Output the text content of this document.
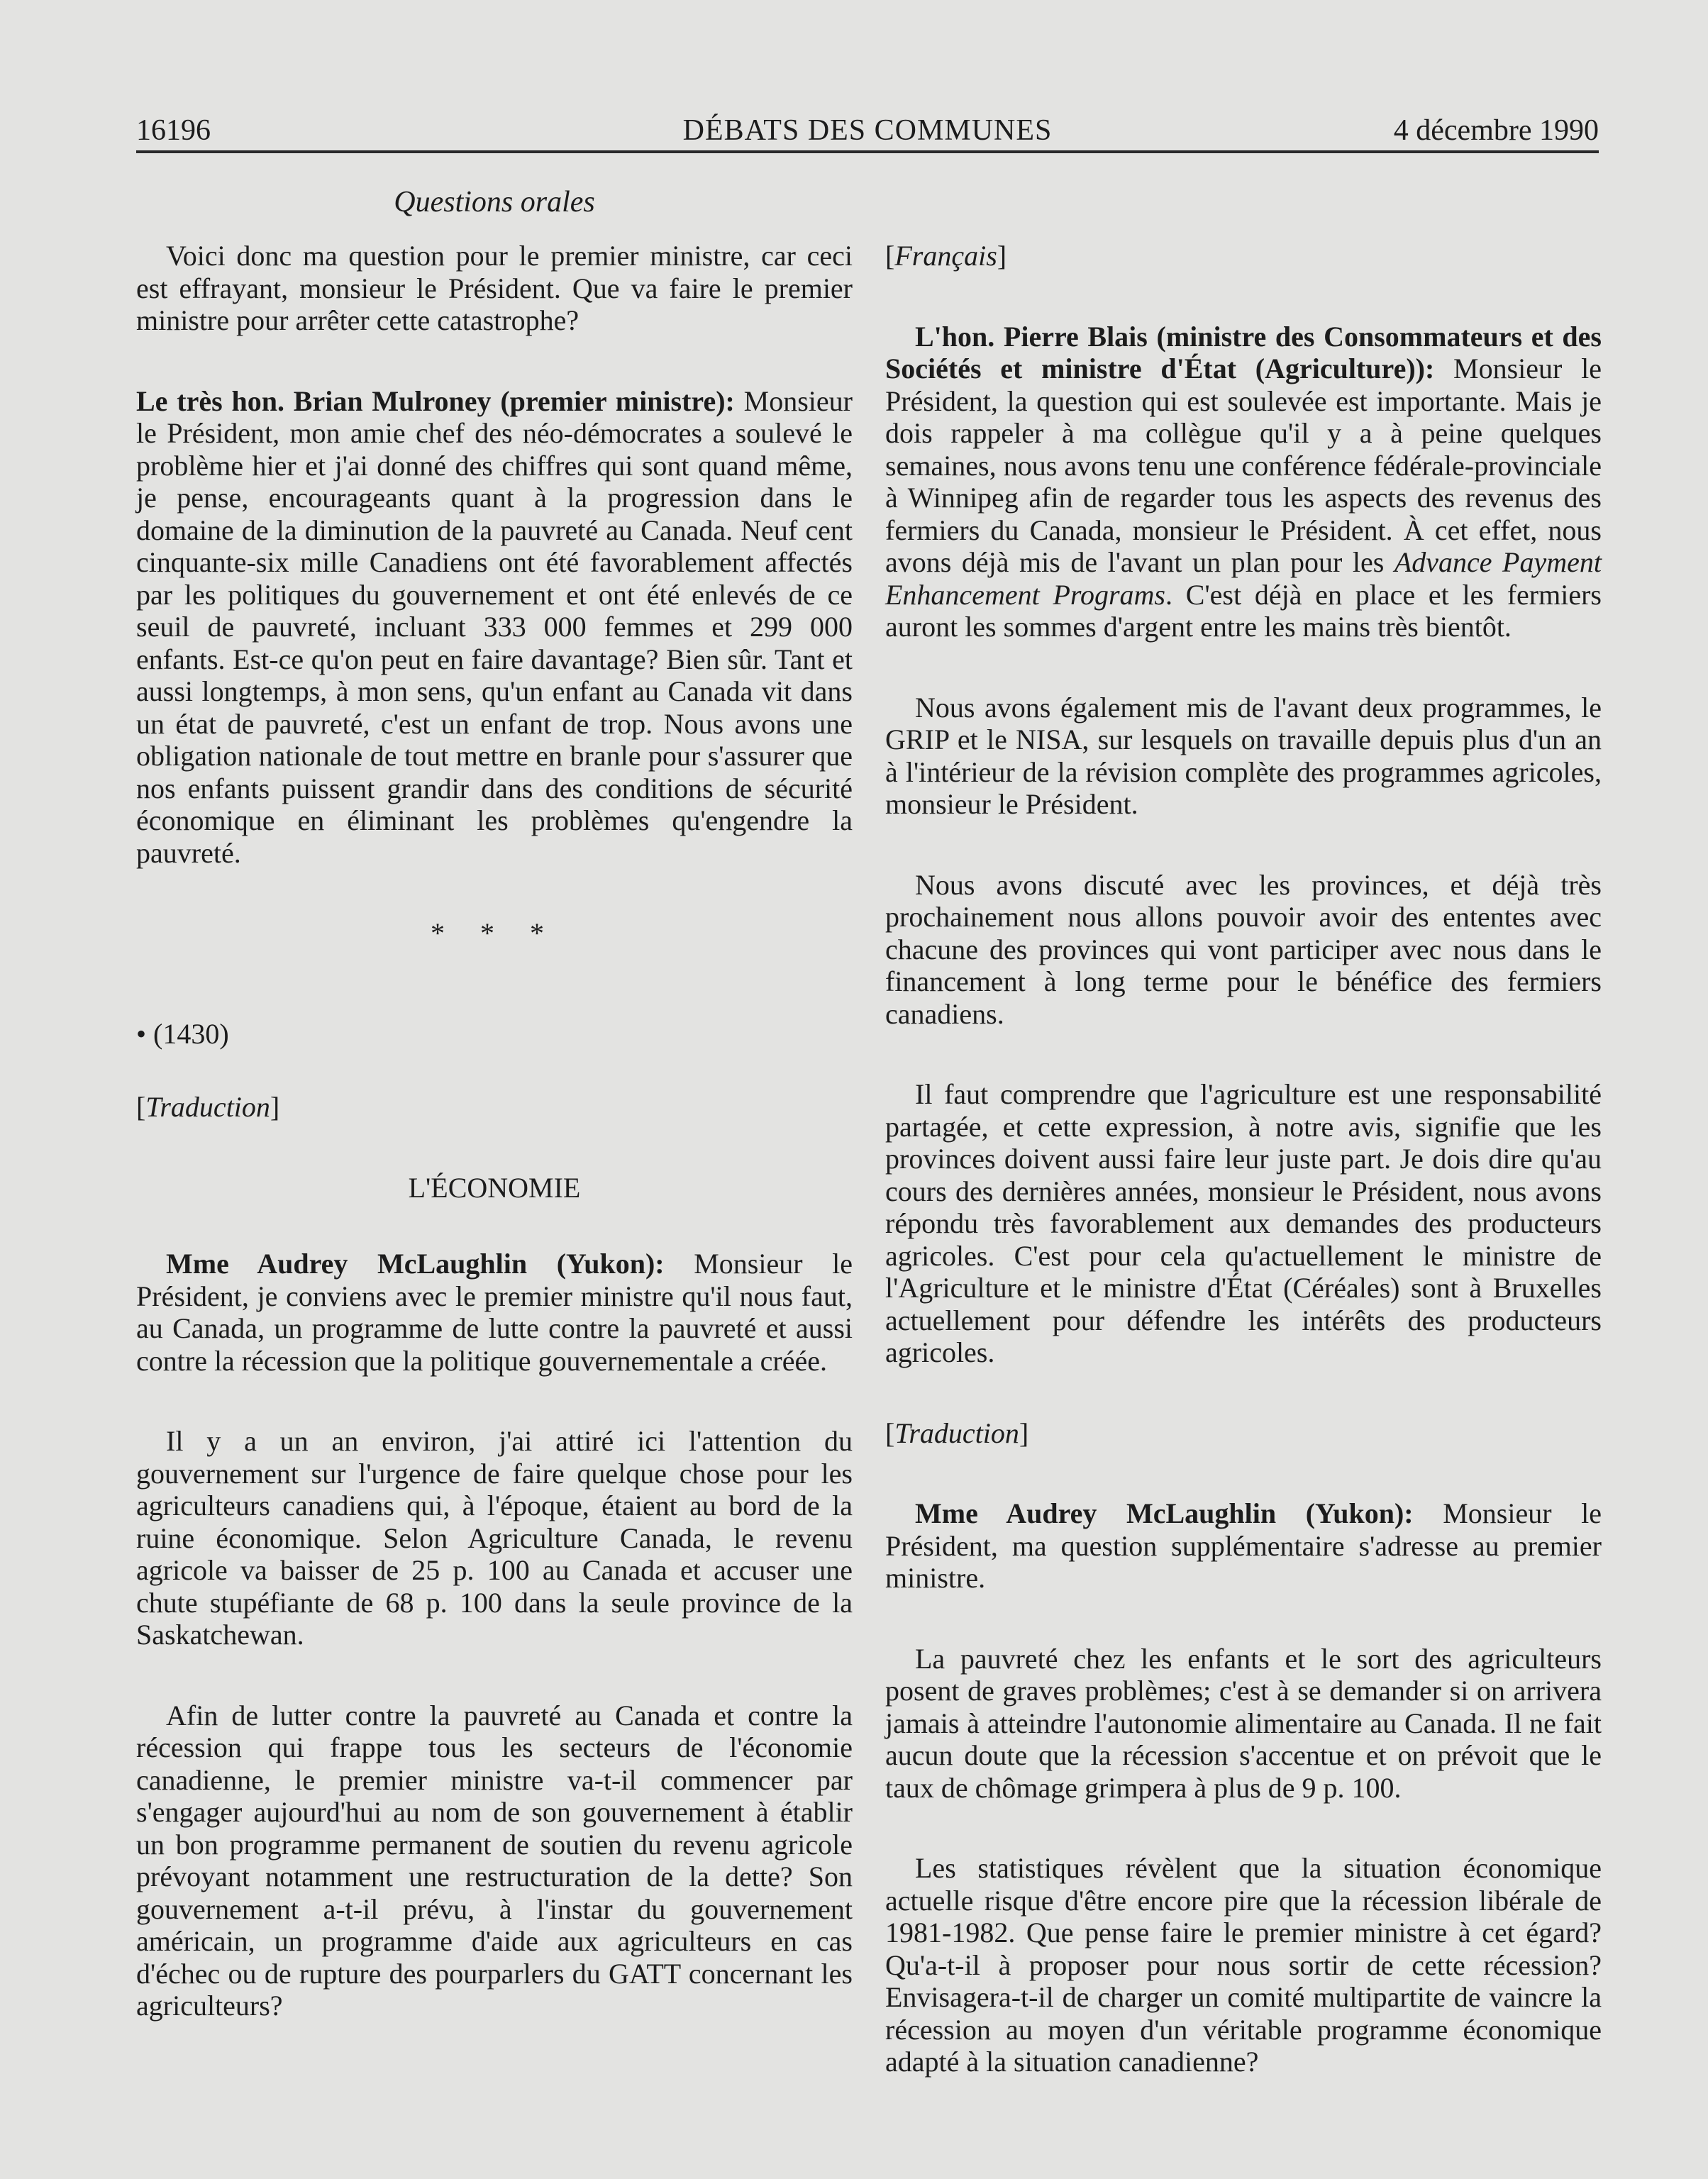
16196	DÉBATS DES COMMUNES	4 décembre 1990
Questions orales

Voici donc ma question pour le premier ministre, car ceci est effrayant, monsieur le Président. Que va faire le premier ministre pour arrêter cette catastrophe?

Le très hon. Brian Mulroney (premier ministre): Monsieur le Président, mon amie chef des néo-démocrates a soulevé le problème hier et j'ai donné des chiffres qui sont quand même, je pense, encourageants quant à la progression dans le domaine de la diminution de la pauvreté au Canada. Neuf cent cinquante-six mille Canadiens ont été favorablement affectés par les politiques du gouvernement et ont été enlevés de ce seuil de pauvreté, incluant 333 000 femmes et 299 000 enfants. Est-ce qu'on peut en faire davantage? Bien sûr. Tant et aussi longtemps, à mon sens, qu'un enfant au Canada vit dans un état de pauvreté, c'est un enfant de trop. Nous avons une obligation nationale de tout mettre en branle pour s'assurer que nos enfants puissent grandir dans des conditions de sécurité économique en éliminant les problèmes qu'engendre la pauvreté.

* * *
• (1430)
[Traduction]
L'ÉCONOMIE

Mme Audrey McLaughlin (Yukon): Monsieur le Président, je conviens avec le premier ministre qu'il nous faut, au Canada, un programme de lutte contre la pauvreté et aussi contre la récession que la politique gouvernementale a créée.

Il y a un an environ, j'ai attiré ici l'attention du gouvernement sur l'urgence de faire quelque chose pour les agriculteurs canadiens qui, à l'époque, étaient au bord de la ruine économique. Selon Agriculture Canada, le revenu agricole va baisser de 25 p. 100 au Canada et accuser une chute stupéfiante de 68 p. 100 dans la seule province de la Saskatchewan.

Afin de lutter contre la pauvreté au Canada et contre la récession qui frappe tous les secteurs de l'économie canadienne, le premier ministre va-t-il commencer par s'engager aujourd'hui au nom de son gouvernement à établir un bon programme permanent de soutien du revenu agricole prévoyant notamment une restructuration de la dette? Son gouvernement a-t-il prévu, à l'instar du gouvernement américain, un programme d'aide aux agriculteurs en cas d'échec ou de rupture des pourparlers du GATT concernant les agriculteurs?

[Français]

L'hon. Pierre Blais (ministre des Consommateurs et des Sociétés et ministre d'État (Agriculture)): Monsieur le Président, la question qui est soulevée est importante. Mais je dois rappeler à ma collègue qu'il y a à peine quelques semaines, nous avons tenu une conférence fédérale-provinciale à Winnipeg afin de regarder tous les aspects des revenus des fermiers du Canada, monsieur le Président. À cet effet, nous avons déjà mis de l'avant un plan pour les Advance Payment Enhancement Programs. C'est déjà en place et les fermiers auront les sommes d'argent entre les mains très bientôt.

Nous avons également mis de l'avant deux programmes, le GRIP et le NISA, sur lesquels on travaille depuis plus d'un an à l'intérieur de la révision complète des programmes agricoles, monsieur le Président.

Nous avons discuté avec les provinces, et déjà très prochainement nous allons pouvoir avoir des ententes avec chacune des provinces qui vont participer avec nous dans le financement à long terme pour le bénéfice des fermiers canadiens.

Il faut comprendre que l'agriculture est une responsabilité partagée, et cette expression, à notre avis, signifie que les provinces doivent aussi faire leur juste part. Je dois dire qu'au cours des dernières années, monsieur le Président, nous avons répondu très favorablement aux demandes des producteurs agricoles. C'est pour cela qu'actuellement le ministre de l'Agriculture et le ministre d'État (Céréales) sont à Bruxelles actuellement pour défendre les intérêts des producteurs agricoles.

[Traduction]

Mme Audrey McLaughlin (Yukon): Monsieur le Président, ma question supplémentaire s'adresse au premier ministre.

La pauvreté chez les enfants et le sort des agriculteurs posent de graves problèmes; c'est à se demander si on arrivera jamais à atteindre l'autonomie alimentaire au Canada. Il ne fait aucun doute que la récession s'accentue et on prévoit que le taux de chômage grimpera à plus de 9 p. 100.

Les statistiques révèlent que la situation économique actuelle risque d'être encore pire que la récession libérale de 1981-1982. Que pense faire le premier ministre à cet égard? Qu'a-t-il à proposer pour nous sortir de cette récession? Envisagera-t-il de charger un comité multipartite de vaincre la récession au moyen d'un véritable programme économique adapté à la situation canadienne?
